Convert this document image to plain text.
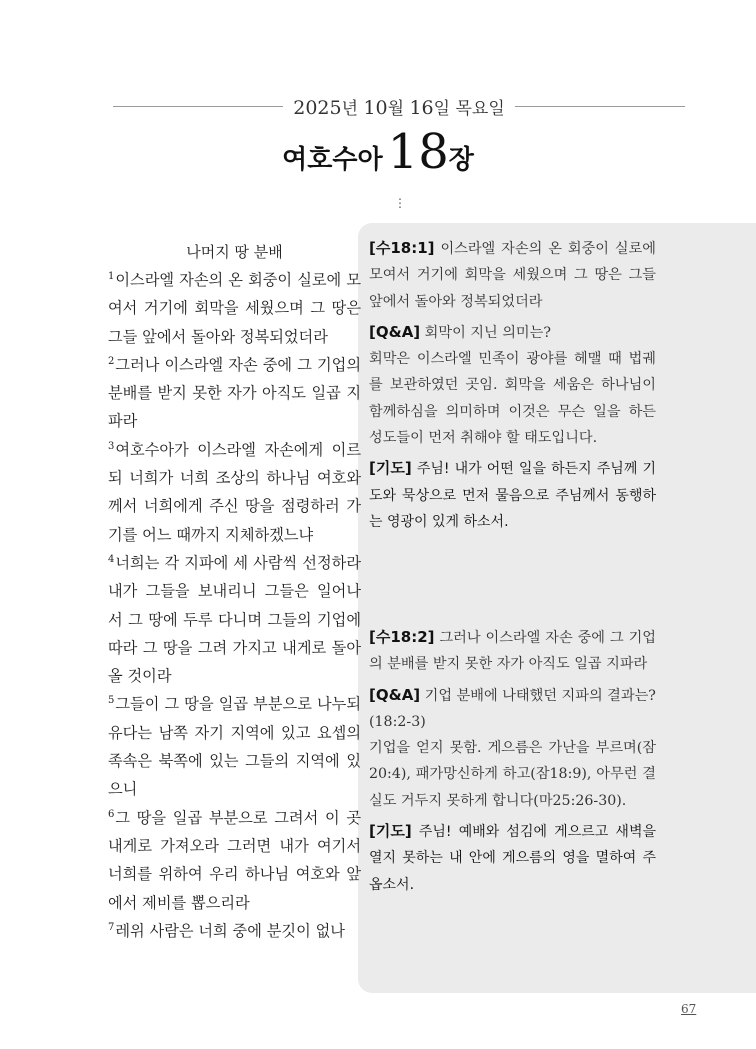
2025년 10월 16일 목요일
여호수아 18장
⋮
나머지 땅 분배
$^1$이스라엘 자손의 온 회중이 실로에 모여서 거기에 회막을 세웠으며 그 땅은 그들 앞에서 돌아와 정복되었더라
$^2$그러나 이스라엘 자손 중에 그 기업의 분배를 받지 못한 자가 아직도 일곱 지파라
$^3$여호수아가 이스라엘 자손에게 이르되 너희가 너희 조상의 하나님 여호와께서 너희에게 주신 땅을 점령하러 가기를 어느 때까지 지체하겠느냐
$^4$너희는 각 지파에 세 사람씩 선정하라 내가 그들을 보내리니 그들은 일어나서 그 땅에 두루 다니며 그들의 기업에 따라 그 땅을 그려 가지고 내게로 돌아올 것이라
$^5$그들이 그 땅을 일곱 부분으로 나누되 유다는 남쪽 자기 지역에 있고 요셉의 족속은 북쪽에 있는 그들의 지역에 있으니
$^6$그 땅을 일곱 부분으로 그려서 이 곳 내게로 가져오라 그러면 내가 여기서 너희를 위하여 우리 하나님 여호와 앞에서 제비를 뽑으리라
$^7$레위 사람은 너희 중에 분깃이 없나
[수18:1] 이스라엘 자손의 온 회중이 실로에 모여서 거기에 회막을 세웠으며 그 땅은 그들 앞에서 돌아와 정복되었더라
[Q&A] 회막이 지닌 의미는?
회막은 이스라엘 민족이 광야를 헤맬 때 법궤를 보관하였던 곳임. 회막을 세움은 하나님이 함께하심을 의미하며 이것은 무슨 일을 하든 성도들이 먼저 취해야 할 태도입니다.
[기도] 주님! 내가 어떤 일을 하든지 주님께 기도와 묵상으로 먼저 물음으로 주님께서 동행하는 영광이 있게 하소서.
[수18:2] 그러나 이스라엘 자손 중에 그 기업의 분배를 받지 못한 자가 아직도 일곱 지파라
[Q&A] 기업 분배에 나태했던 지파의 결과는?
(18:2-3)
기업을 얻지 못함. 게으름은 가난을 부르며(잠20:4), 패가망신하게 하고(잠18:9), 아무런 결실도 거두지 못하게 합니다(마25:26-30).
[기도] 주님! 예배와 섬김에 게으르고 새벽을 열지 못하는 내 안에 게으름의 영을 멸하여 주옵소서.
67
